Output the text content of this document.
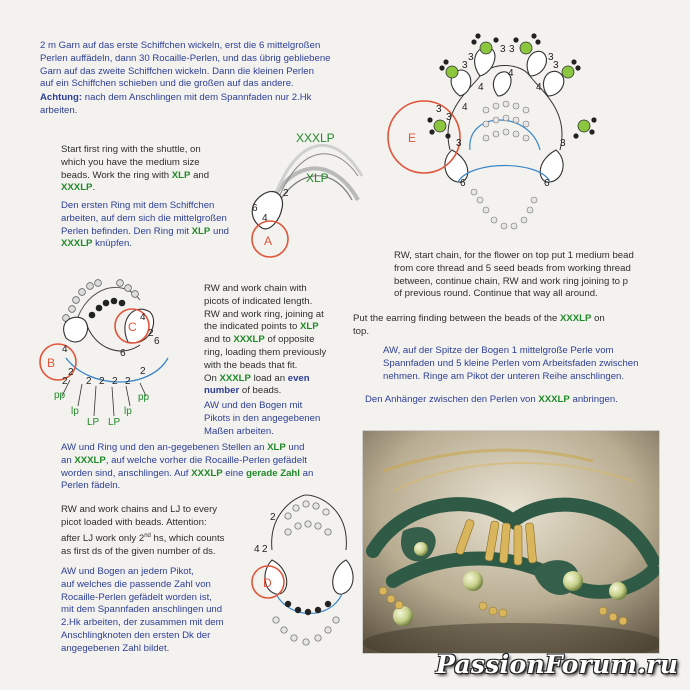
2 m Garn auf das erste Schiffchen wickeln, erst die 6 mittelgroßen
Perlen auffädeln, dann 30 Rocaille-Perlen, und das übrig gebliebene
Garn auf das zweite Schiffchen wickeln. Dann die kleinen Perlen
auf ein Schiffchen schieben und die großen auf das andere.
Achtung: nach dem Anschlingen mit dem Spannfaden nur 2.Hk
arbeiten.
Start first ring with the shuttle, on
which you have the medium size
beads. Work the ring with XLP and
XXXLP.
Den ersten Ring mit dem Schiffchen
arbeiten, auf dem sich die mittelgroßen
Perlen befinden. Den Ring mit XLP und
XXXLP knüpfen.
RW and work chain with
picots of indicated length.
RW and work ring, joining at
the indicated points to XLP
and to XXXLP of opposite
ring, loading them previously
with the beads that fit.
On XXXLP load an even
number of beads.
AW und den Bogen mit
Pikots in den angegebenen
Maßen arbeiten.
AW und Ring und den an-gegebenen Stellen an XLP und
an XXXLP, auf welche vorher die Rocaille-Perlen gefädelt
worden sind, anschlingen. Auf XXXLP eine gerade Zahl an
Perlen fädeln.
RW and work chains and LJ to every
picot loaded with beads. Attention:
after LJ work only 2nd hs, which counts
as first ds of the given number of ds.
AW und Bogen an jedem Pikot,
auf welches die passende Zahl von
Rocaille-Perlen gefädelt worden ist,
mit dem Spannfaden anschlingen und
2.Hk arbeiten, der zusammen mit dem
Anschlingknoten den ersten Dk der
angegebenen Zahl bildet.
RW, start chain, for the flower on top put 1 medium bead
from core thread and 5 seed beads from working thread
between, continue chain, RW and work ring joining to p
of previous round. Continue that way all around.
Put the earring finding between the beads of the XXXLP on
top.
AW, auf der Spitze der Bogen 1 mittelgroße Perle vom
Spannfaden und 5 kleine Perlen vom Arbeitsfaden zwischen
nehmen. Ringe am Pikot der unteren Reihe anschlingen.
Den Anhänger zwischen den Perlen von XXXLP anbringen.
A
6
4
2
XLP
XXXLP
B
C
4
2
2 2 2 2 2
2
6
6
4
2
pp
lp
LP LP
lp
pp
D
4 2
2
E
3 3
3
3	3
3
4
4
4
4
3
3
3	3
6	6
PassionForum.ru
